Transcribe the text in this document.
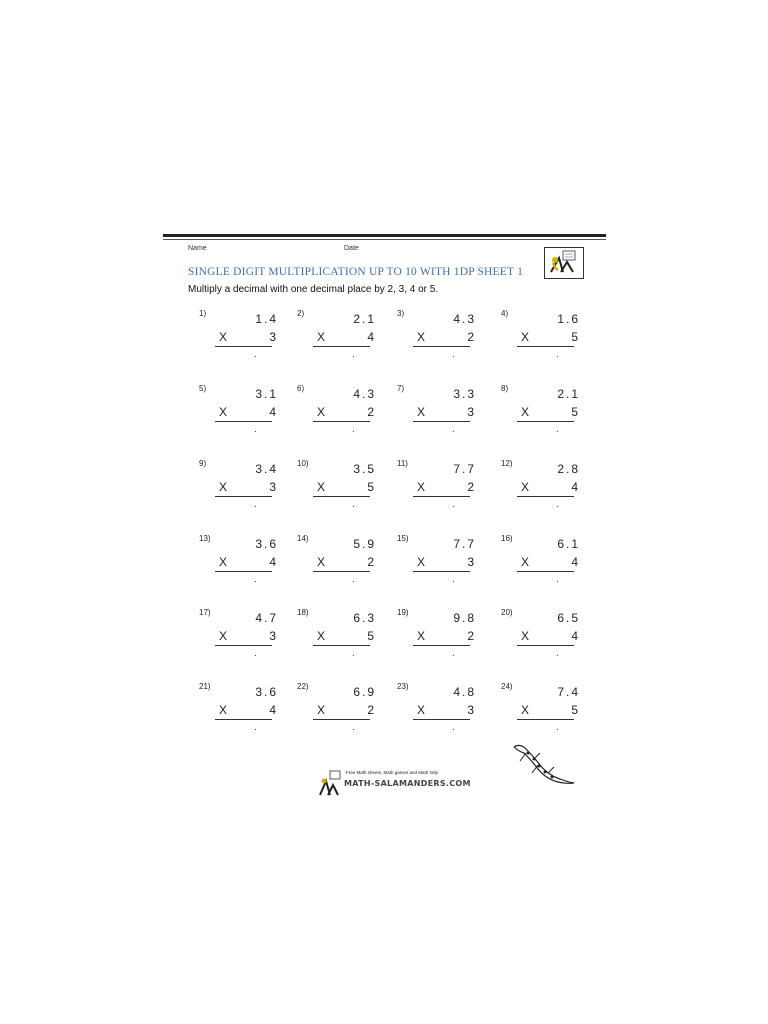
Name	Date
SINGLE DIGIT MULTIPLICATION UP TO 10 WITH 1DP SHEET 1
Multiply a decimal with one decimal place by 2, 3, 4 or 5.
1)	1.4
X	3
.
2)	2.1
X	4
.
3)	4.3
X	2
.
4)	1.6
X	5
.
5)	3.1
X	4
.
6)	4.3
X	2
.
7)	3.3
X	3
.
8)	2.1
X	5
.
9)	3.4
X	3
.
10)	3.5
X	5
.
11)	7.7
X	2
.
12)	2.8
X	4
.
13)	3.6
X	4
.
14)	5.9
X	2
.
15)	7.7
X	3
.
16)	6.1
X	4
.
17)	4.7
X	3
.
18)	6.3
X	5
.
19)	9.8
X	2
.
20)	6.5
X	4
.
21)	3.6
X	4
.
22)	6.9
X	2
.
23)	4.8
X	3
.
24)	7.4
X	5
.
Free Math sheets, Math games and Math help
MATH-SALAMANDERS.COM
